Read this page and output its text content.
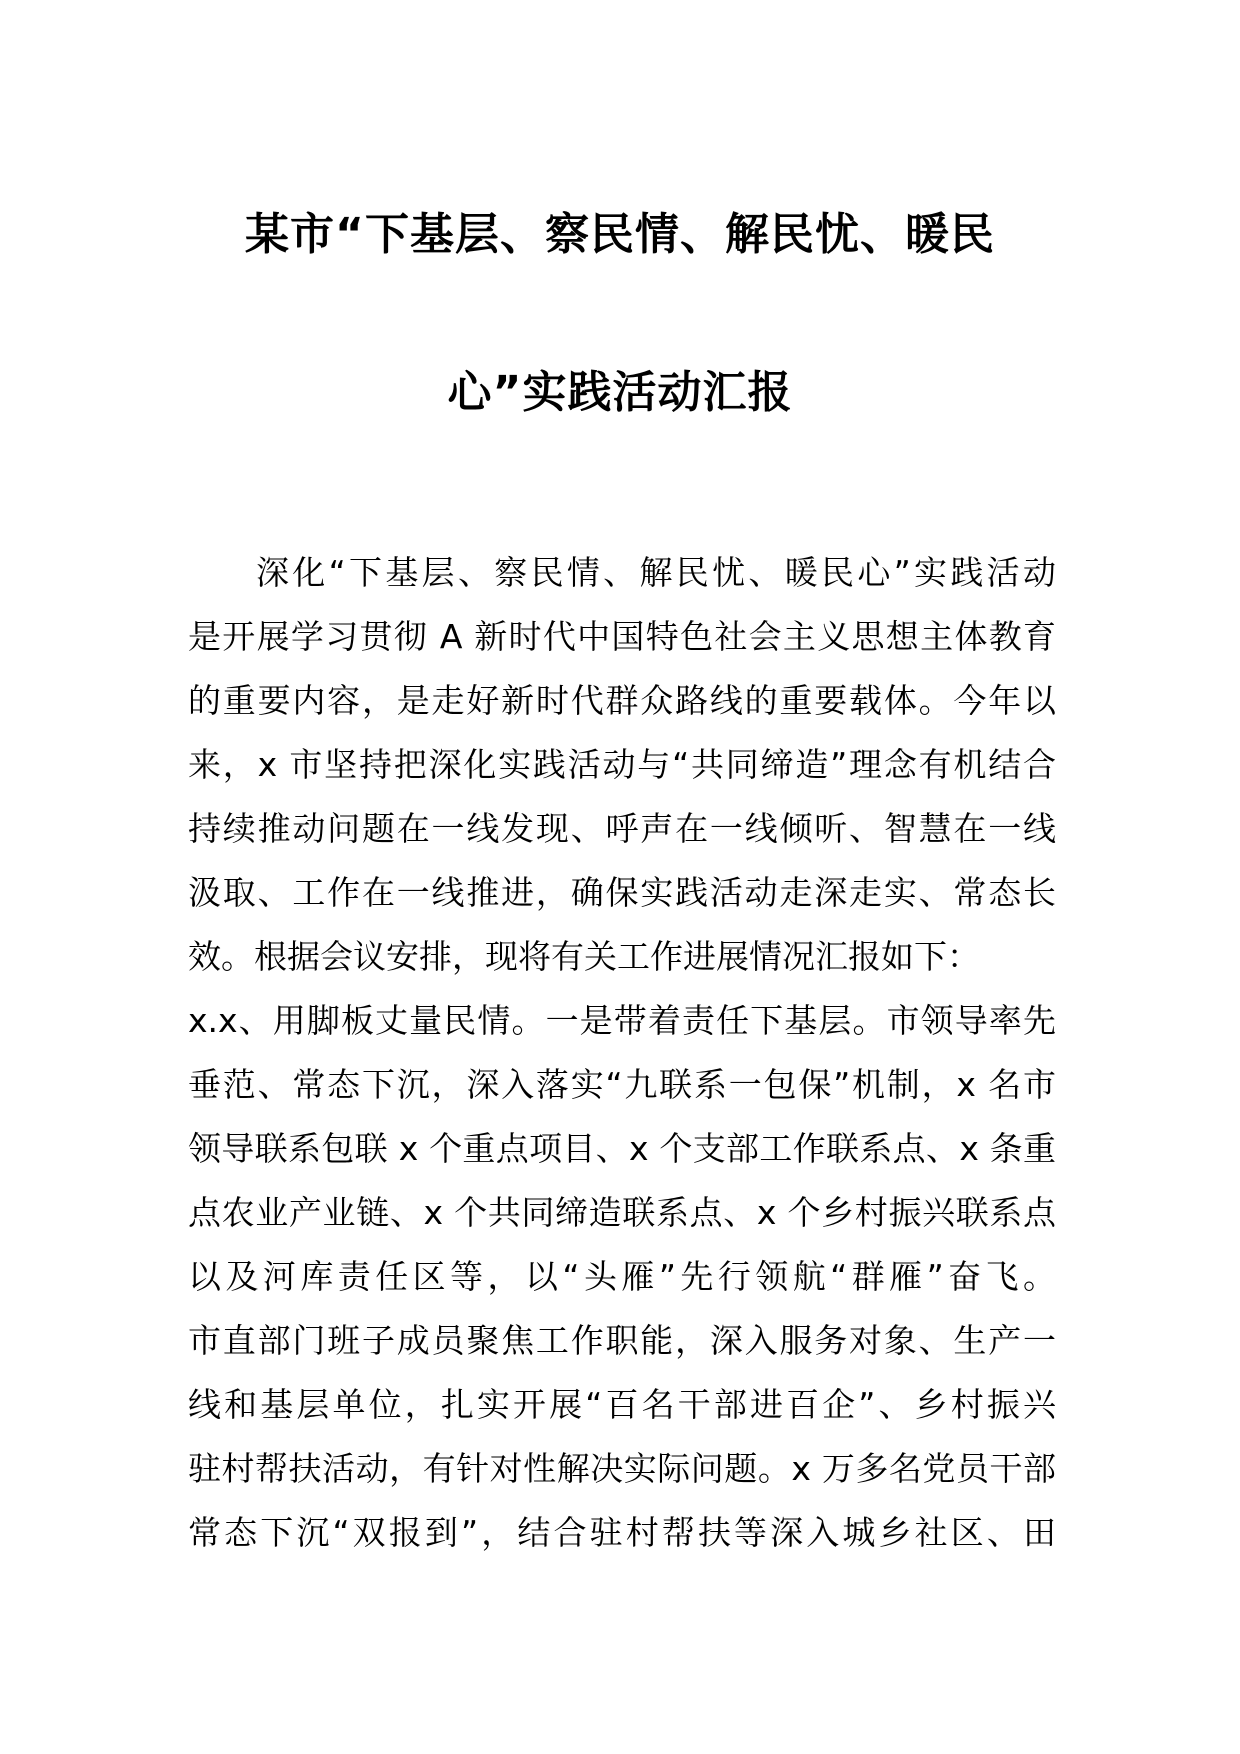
某市“下基层、察民情、解民忧、暖民
心”实践活动汇报
深化“下基层、察民情、解民忧、暖民心”实践活动
是开展学习贯彻 A 新时代中国特色社会主义思想主体教育
的重要内容，是走好新时代群众路线的重要载体。今年以
来，x 市坚持把深化实践活动与“共同缔造”理念有机结合
持续推动问题在一线发现、呼声在一线倾听、智慧在一线
汲取、工作在一线推进，确保实践活动走深走实、常态长
效。根据会议安排，现将有关工作进展情况汇报如下：
x.x、用脚板丈量民情。一是带着责任下基层。市领导率先
垂范、常态下沉，深入落实“九联系一包保”机制，x 名市
领导联系包联 x 个重点项目、x 个支部工作联系点、x 条重
点农业产业链、x 个共同缔造联系点、x 个乡村振兴联系点
以及河库责任区等，以“头雁”先行领航“群雁”奋飞。
市直部门班子成员聚焦工作职能，深入服务对象、生产一
线和基层单位，扎实开展“百名干部进百企”、乡村振兴
驻村帮扶活动，有针对性解决实际问题。x 万多名党员干部
常态下沉“双报到”，结合驻村帮扶等深入城乡社区、田
